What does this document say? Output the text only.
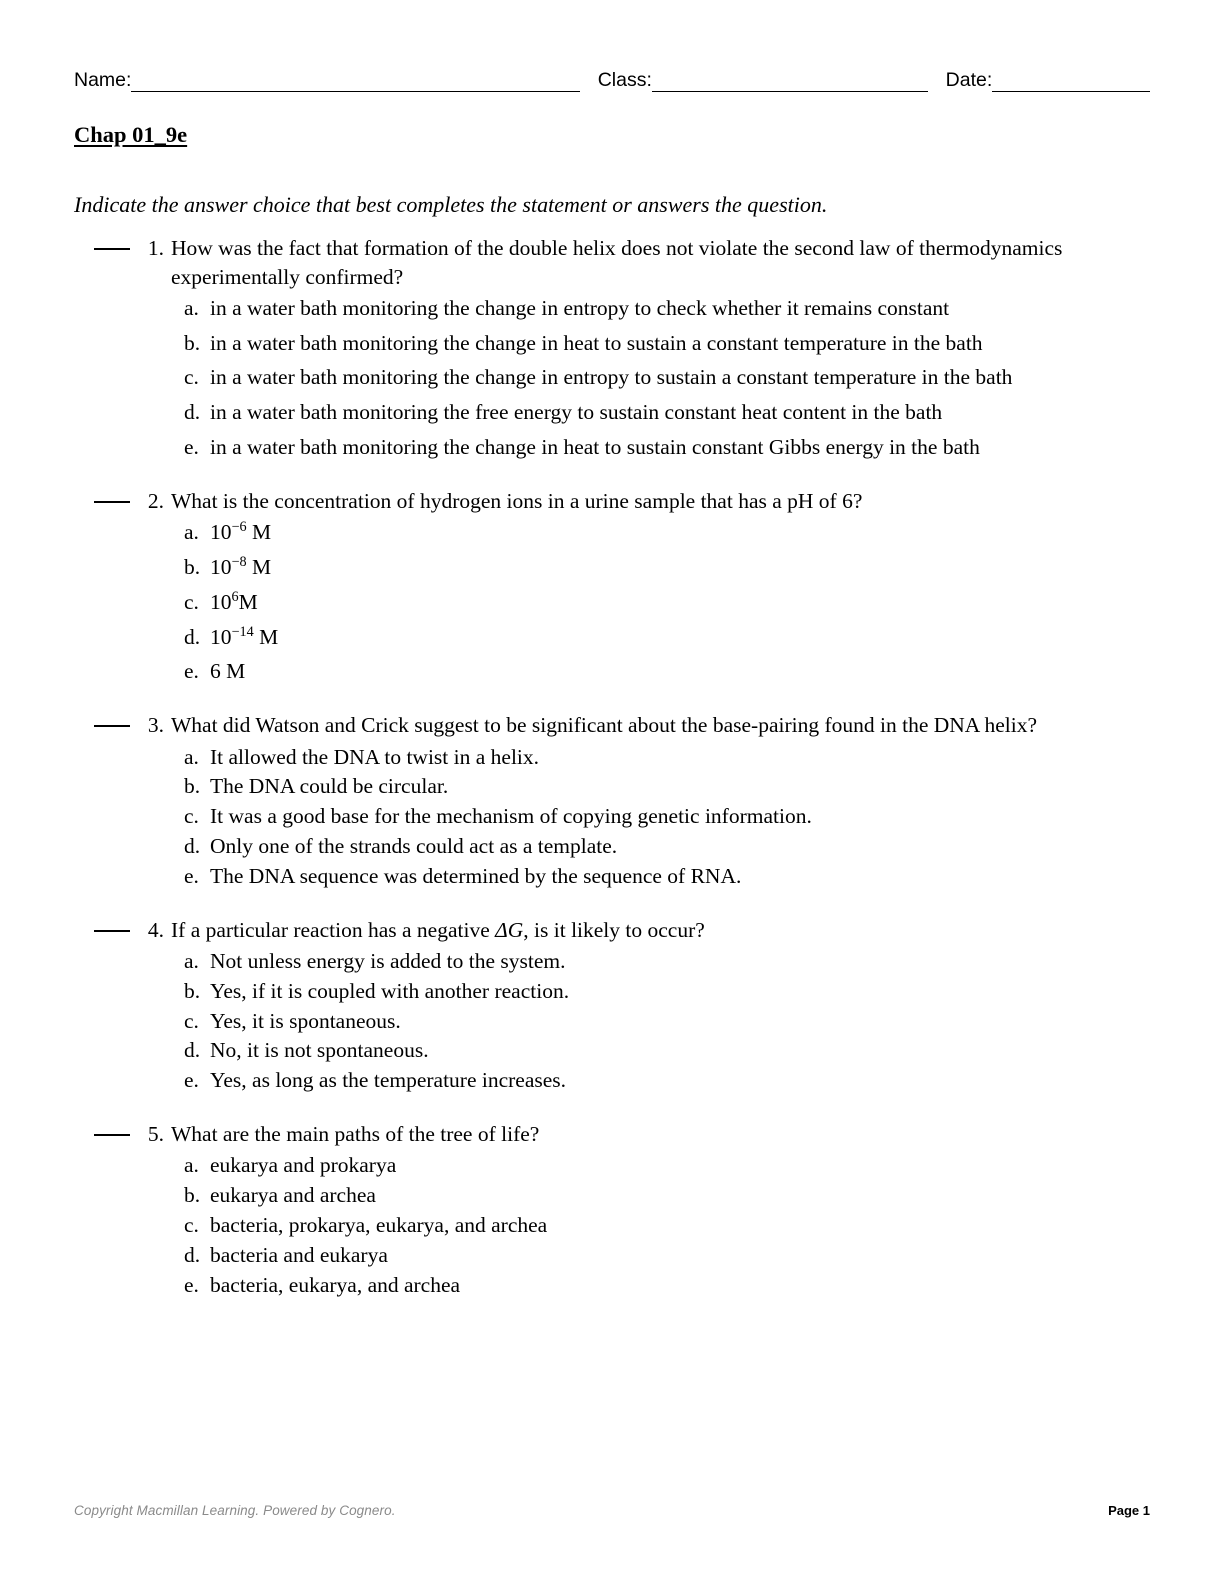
Name:	Class:	Date:
Chap 01_9e
Indicate the answer choice that best completes the statement or answers the question.
1. How was the fact that formation of the double helix does not violate the second law of thermodynamics experimentally confirmed?
a. in a water bath monitoring the change in entropy to check whether it remains constant
b. in a water bath monitoring the change in heat to sustain a constant temperature in the bath
c. in a water bath monitoring the change in entropy to sustain a constant temperature in the bath
d. in a water bath monitoring the free energy to sustain constant heat content in the bath
e. in a water bath monitoring the change in heat to sustain constant Gibbs energy in the bath
2. What is the concentration of hydrogen ions in a urine sample that has a pH of 6?
a. $10^{-6}$ M
b. $10^{-8}$ M
c. $10^6M$
d. $10^{-14}$ M
e. 6 M
3. What did Watson and Crick suggest to be significant about the base-pairing found in the DNA helix?
a. It allowed the DNA to twist in a helix.
b. The DNA could be circular.
c. It was a good base for the mechanism of copying genetic information.
d. Only one of the strands could act as a template.
e. The DNA sequence was determined by the sequence of RNA.
4. If a particular reaction has a negative ΔG, is it likely to occur?
a. Not unless energy is added to the system.
b. Yes, if it is coupled with another reaction.
c. Yes, it is spontaneous.
d. No, it is not spontaneous.
e. Yes, as long as the temperature increases.
5. What are the main paths of the tree of life?
a. eukarya and prokarya
b. eukarya and archea
c. bacteria, prokarya, eukarya, and archea
d. bacteria and eukarya
e. bacteria, eukarya, and archea
Copyright Macmillan Learning. Powered by Cognero.	Page 1
